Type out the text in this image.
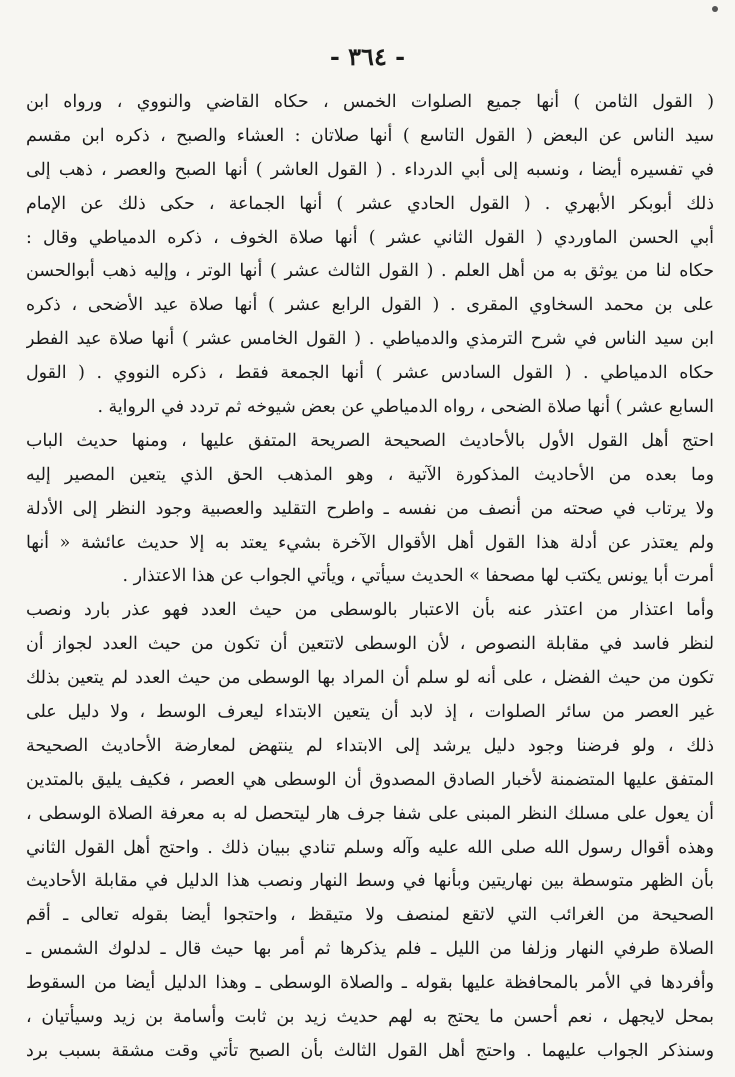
- ٣٦٤ -
( القول الثامن ) أنها جميع الصلوات الخمس ، حكاه القاضي والنووي ، ورواه ابن
سيد الناس عن البعض ( القول التاسع ) أنها صلاتان : العشاء والصبح ، ذكره ابن مقسم
في تفسيره أيضا ، ونسبه إلى أبي الدرداء . ( القول العاشر ) أنها الصبح والعصر ، ذهب إلى
ذلك أبوبكر الأبهري . ( القول الحادي عشر ) أنها الجماعة ، حكى ذلك عن الإمام
أبي الحسن الماوردي ( القول الثاني عشر ) أنها صلاة الخوف ، ذكره الدمياطي وقال :
حكاه لنا من يوثق به من أهل العلم . ( القول الثالث عشر ) أنها الوتر ، وإليه ذهب أبوالحسن
على بن محمد السخاوي المقرى . ( القول الرابع عشر ) أنها صلاة عيد الأضحى ، ذكره
ابن سيد الناس في شرح الترمذي والدمياطي . ( القول الخامس عشر ) أنها صلاة عيد الفطر
حكاه الدمياطي . ( القول السادس عشر ) أنها الجمعة فقط ، ذكره النووي . ( القول
السابع عشر ) أنها صلاة الضحى ، رواه الدمياطي عن بعض شيوخه ثم تردد في الرواية .
احتج أهل القول الأول بالأحاديث الصحيحة الصريحة المتفق عليها ، ومنها حديث الباب
وما بعده من الأحاديث المذكورة الآتية ، وهو المذهب الحق الذي يتعين المصير إليه
ولا يرتاب في صحته من أنصف من نفسه ـ واطرح التقليد والعصبية وجود النظر إلى الأدلة
ولم يعتذر عن أدلة هذا القول أهل الأقوال الآخرة بشيء يعتد به إلا حديث عائشة « أنها
أمرت أبا يونس يكتب لها مصحفا » الحديث سيأتي ، ويأتي الجواب عن هذا الاعتذار .
وأما اعتذار من اعتذر عنه بأن الاعتبار بالوسطى من حيث العدد فهو عذر بارد ونصب
لنظر فاسد في مقابلة النصوص ، لأن الوسطى لاتتعين أن تكون من حيث العدد لجواز أن
تكون من حيث الفضل ، على أنه لو سلم أن المراد بها الوسطى من حيث العدد لم يتعين بذلك
غير العصر من سائر الصلوات ، إذ لابد أن يتعين الابتداء ليعرف الوسط ، ولا دليل على
ذلك ، ولو فرضنا وجود دليل يرشد إلى الابتداء لم ينتهض لمعارضة الأحاديث الصحيحة
المتفق عليها المتضمنة لأخبار الصادق المصدوق أن الوسطى هي العصر ، فكيف يليق بالمتدين
أن يعول على مسلك النظر المبنى على شفا جرف هار ليتحصل له به معرفة الصلاة الوسطى ،
وهذه أقوال رسول الله صلى الله عليه وآله وسلم تنادي ببيان ذلك . واحتج أهل القول الثاني
بأن الظهر متوسطة بين نهاريتين وبأنها في وسط النهار ونصب هذا الدليل في مقابلة الأحاديث
الصحيحة من الغرائب التي لاتقع لمنصف ولا متيقظ ، واحتجوا أيضا بقوله تعالى ـ أقم
الصلاة طرفي النهار وزلفا من الليل ـ فلم يذكرها ثم أمر بها حيث قال ـ لدلوك الشمس ـ
وأفردها في الأمر بالمحافظة عليها بقوله ـ والصلاة الوسطى ـ وهذا الدليل أيضا من السقوط
بمحل لايجهل ، نعم أحسن ما يحتج به لهم حديث زيد بن ثابت وأسامة بن زيد وسيأتيان ،
وسنذكر الجواب عليهما . واحتج أهل القول الثالث بأن الصبح تأتي وقت مشقة بسبب برد
